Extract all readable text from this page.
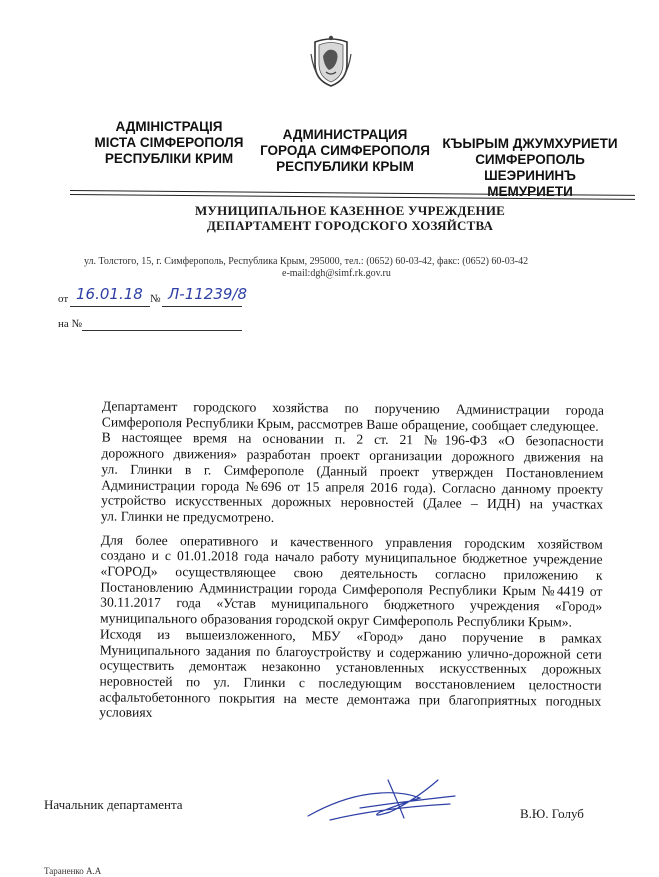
АДМІНІСТРАЦІЯ
МІСТА СІМФЕРОПОЛЯ
РЕСПУБЛІКИ КРИМ
АДМИНИСТРАЦИЯ
ГОРОДА СИМФЕРОПОЛЯ
РЕСПУБЛИКИ КРЫМ
КЪЫРЫМ ДЖУМХУРИЕТИ
СИМФЕРОПОЛЬ
ШЕЭРИНИНЪ
МЕМУРИЕТИ
МУНИЦИПАЛЬНОЕ КАЗЕННОЕ УЧРЕЖДЕНИЕ
ДЕПАРТАМЕНТ ГОРОДСКОГО ХОЗЯЙСТВА
ул. Толстого, 15, г. Симферополь, Республика Крым, 295000, тел.: (0652) 60-03-42, факс: (0652) 60-03-42
e-mail:dgh@simf.rk.gov.ru
от 16.01.18 № Л-11239/8
на №
Департамент городского хозяйства по поручению Администрации города
Симферополя Республики Крым, рассмотрев Ваше обращение, сообщает следующее.
В настоящее время на основании п. 2 ст. 21 №196-ФЗ «О безопасности
дорожного движения» разработан проект организации дорожного движения на
ул. Глинки в г. Симферополе (Данный проект утвержден Постановлением
Администрации города №696 от 15 апреля 2016 года). Согласно данному проекту
устройство искусственных дорожных неровностей (Далее – ИДН) на участках
ул. Глинки не предусмотрено.
Для более оперативного и качественного управления городским хозяйством
создано и с 01.01.2018 года начало работу муниципальное бюджетное учреждение
«ГОРОД» осуществляющее свою деятельность согласно приложению к
Постановлению Администрации города Симферополя Республики Крым №4419 от
30.11.2017 года «Устав муниципального бюджетного учреждения «Город»
муниципального образования городской округ Симферополь Республики Крым».
Исходя из вышеизложенного, МБУ «Город» дано поручение в рамках
Муниципального задания по благоустройству и содержанию улично-дорожной сети
осуществить демонтаж незаконно установленных искусственных дорожных
неровностей по ул. Глинки с последующим восстановлением целостности
асфальтобетонного покрытия на месте демонтажа при благоприятных погодных
условиях
Начальник департамента
В.Ю. Голуб
Тараненко А.А
